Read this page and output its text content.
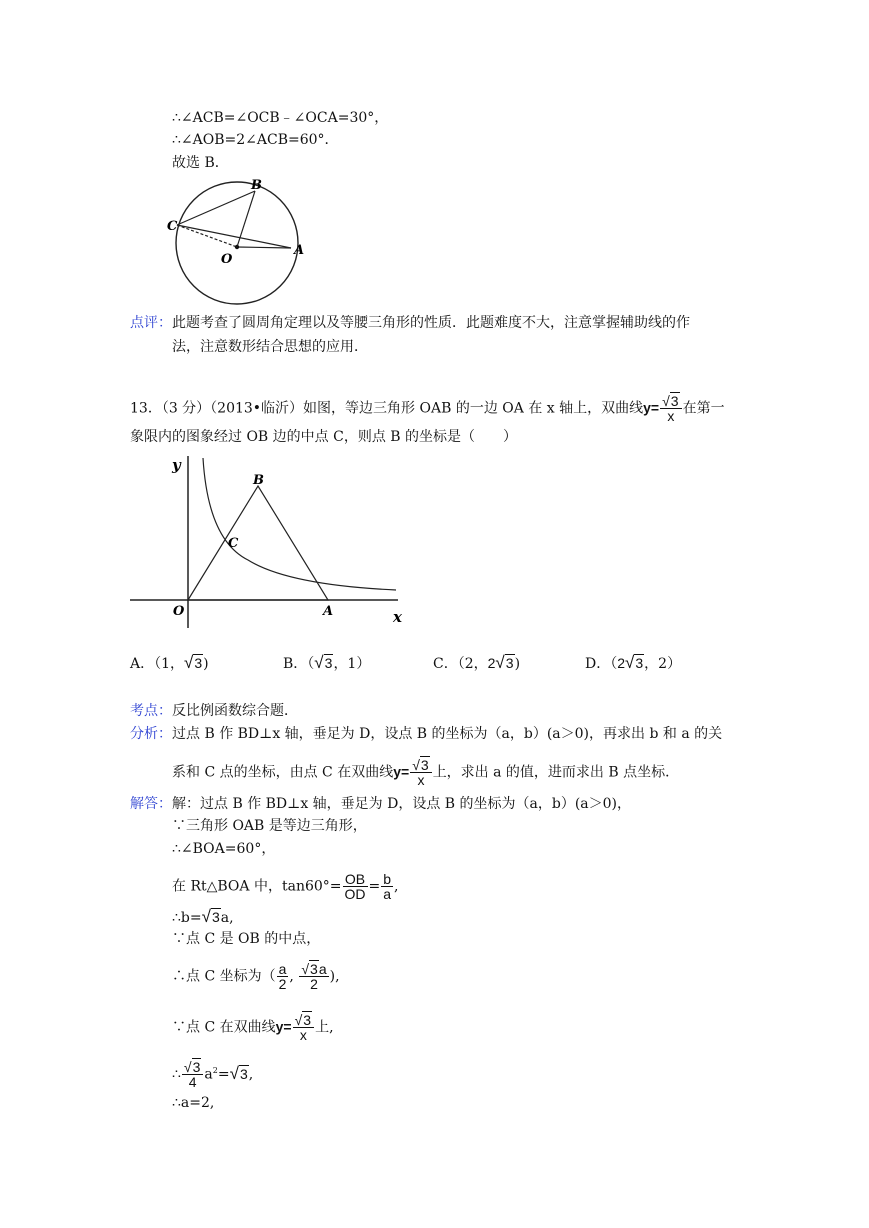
∴∠ACB=∠OCB﹣∠OCA=30°，
∴∠AOB=2∠ACB=60°．
故选 B．
B
C
O
A
点评：此题考查了圆周角定理以及等腰三角形的性质．此题难度不大，注意掌握辅助线的作
法，注意数形结合思想的应用．
13．（3 分）（2013•临沂）如图，等边三角形 OAB 的一边 OA 在 x 轴上，双曲线$y= \frac{√3}{x}$ 在第一
象限内的图象经过 OB 边的中点 C，则点 B 的坐标是（　　）
y
B
C
O	A	x
A．（1，√3)	B．（√3，1）	C．（2，2√3)	D．（2√3，2）
考点：反比例函数综合题．
分析：过点 B 作 BD⊥x 轴，垂足为 D，设点 B 的坐标为（a，b）(a＞0)，再求出 b 和 a 的关
系和 C 点的坐标，由点 C 在双曲线$y= \frac{√3}{x}$ 上，求出 a 的值，进而求出 B 点坐标．
解答：解：过点 B 作 BD⊥x 轴，垂足为 D，设点 B 的坐标为（a，b）(a＞0)，
∵三角形 OAB 是等边三角形，
∴∠BOA=60°，
在 Rt△BOA 中，$\tan 60^\circ= \frac{OB}{OD} = \frac{b}{a}$ ,
∴b=√3a,
∵点 C 是 OB 的中点，
∴点 C 坐标为（ $\frac{a}{2}$ , $\frac{√3a}{2}$ ),
∵点 C 在双曲线$y= \frac{√3}{x}$ 上,
∴ $\frac{√3}{4} a^2=√3$,
∴a=2,
